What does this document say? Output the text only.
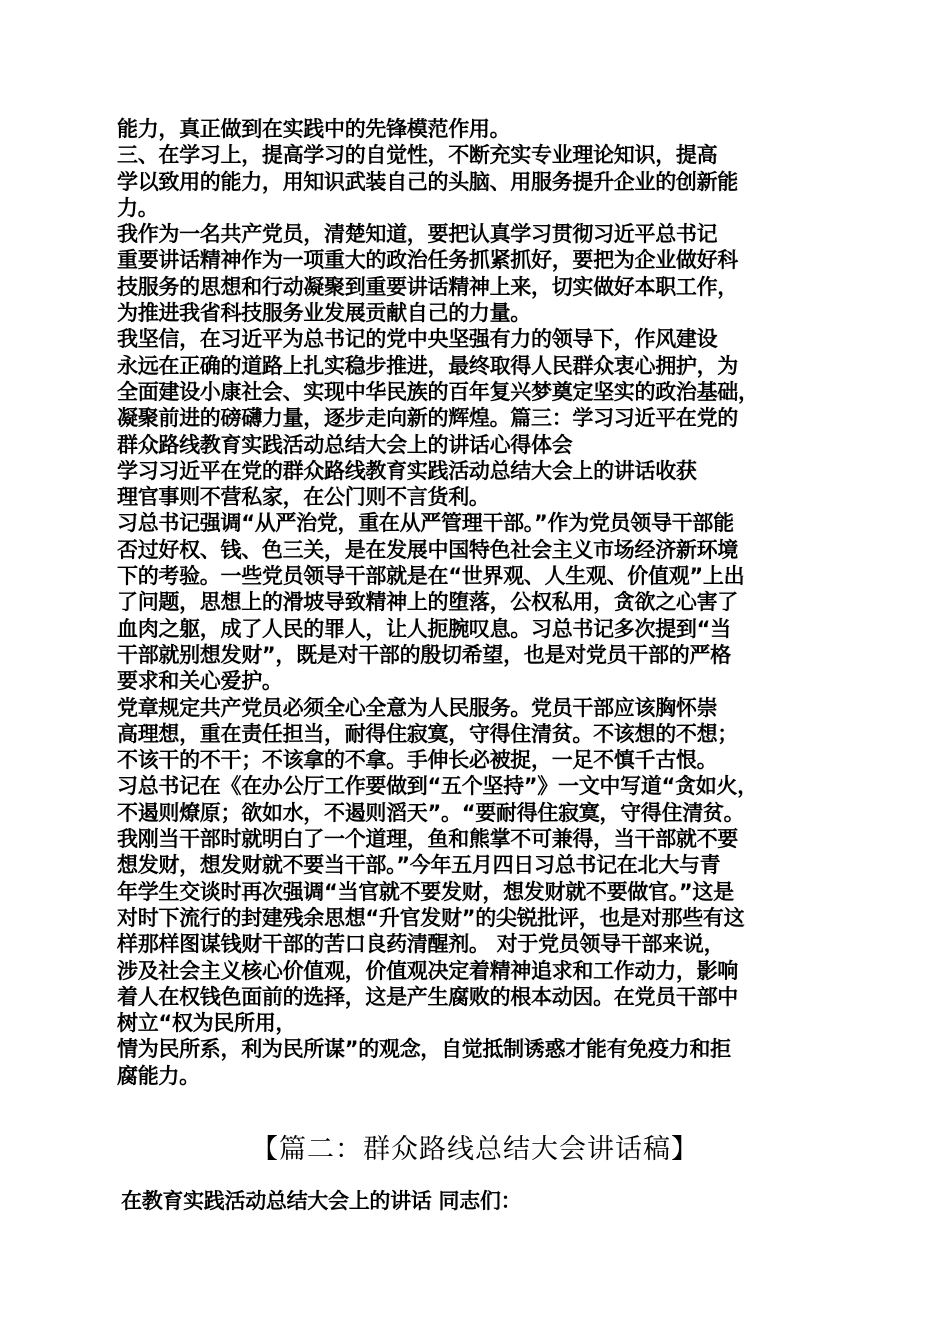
能力，真正做到在实践中的先锋模范作用。
三、在学习上，提高学习的自觉性，不断充实专业理论知识，提高
学以致用的能力，用知识武装自己的头脑、用服务提升企业的创新能
力。
我作为一名共产党员，清楚知道，要把认真学习贯彻习近平总书记
重要讲话精神作为一项重大的政治任务抓紧抓好，要把为企业做好科
技服务的思想和行动凝聚到重要讲话精神上来，切实做好本职工作，
为推进我省科技服务业发展贡献自己的力量。
我坚信，在习近平为总书记的党中央坚强有力的领导下，作风建设
永远在正确的道路上扎实稳步推进，最终取得人民群众衷心拥护，为
全面建设小康社会、实现中华民族的百年复兴梦奠定坚实的政治基础，
凝聚前进的磅礴力量，逐步走向新的辉煌。篇三：学习习近平在党的
群众路线教育实践活动总结大会上的讲话心得体会
学习习近平在党的群众路线教育实践活动总结大会上的讲话收获
理官事则不营私家，在公门则不言货利。
习总书记强调“从严治党，重在从严管理干部。”作为党员领导干部能
否过好权、钱、色三关，是在发展中国特色社会主义市场经济新环境
下的考验。一些党员领导干部就是在“世界观、人生观、价值观”上出
了问题，思想上的滑坡导致精神上的堕落，公权私用，贪欲之心害了
血肉之躯，成了人民的罪人，让人扼腕叹息。习总书记多次提到“当
干部就别想发财”，既是对干部的殷切希望，也是对党员干部的严格
要求和关心爱护。
党章规定共产党员必须全心全意为人民服务。党员干部应该胸怀崇
高理想，重在责任担当，耐得住寂寞，守得住清贫。不该想的不想；
不该干的不干；不该拿的不拿。手伸长必被捉，一足不慎千古恨。
习总书记在《在办公厅工作要做到“五个坚持”》一文中写道“贪如火，
不遏则燎原；欲如水，不遏则滔天”。“要耐得住寂寞，守得住清贫。
我刚当干部时就明白了一个道理，鱼和熊掌不可兼得，当干部就不要
想发财，想发财就不要当干部。”今年五月四日习总书记在北大与青
年学生交谈时再次强调“当官就不要发财，想发财就不要做官。”这是
对时下流行的封建残余思想“升官发财”的尖锐批评，也是对那些有这
样那样图谋钱财干部的苦口良药清醒剂。 对于党员领导干部来说，
涉及社会主义核心价值观，价值观决定着精神追求和工作动力，影响
着人在权钱色面前的选择，这是产生腐败的根本动因。在党员干部中
树立“权为民所用，
情为民所系，利为民所谋”的观念，自觉抵制诱惑才能有免疫力和拒
腐能力。
【篇二：群众路线总结大会讲话稿】
在教育实践活动总结大会上的讲话 同志们：
